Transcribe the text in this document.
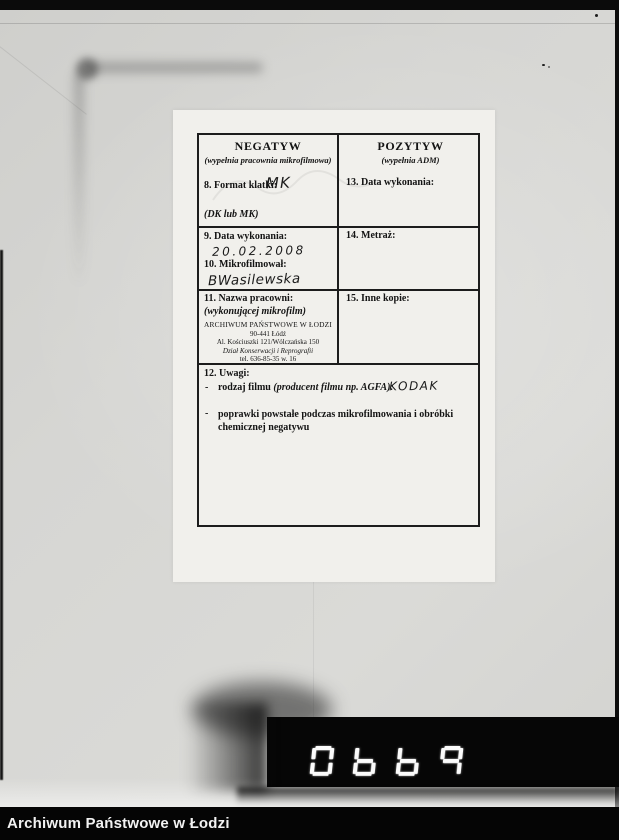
NEGATYW
(wypełnia pracownia mikrofilmowa)
POZYTYW
(wypełnia ADM)
8. Format klatki:
MK
(DK lub MK)
13. Data wykonania:
9. Data wykonania:
20.02.2008
10. Mikrofilmował:
BWasilewska
14. Metraż:
11. Nazwa pracowni:
(wykonującej mikrofilm)
ARCHIWUM PAŃSTWOWE W ŁODZI
90-441 Łódź
Al. Kościuszki 121/Wólczańska 150
Dział Konserwacji i Reprografii
tel. 636-85-35 w. 16
15. Inne kopie:
12. Uwagi:
- rodzaj filmu (producent filmu np. AGFA):
KODAK
- poprawki powstałe podczas mikrofilmowania i obróbki chemicznej negatywu
Archiwum Państwowe w Łodzi
